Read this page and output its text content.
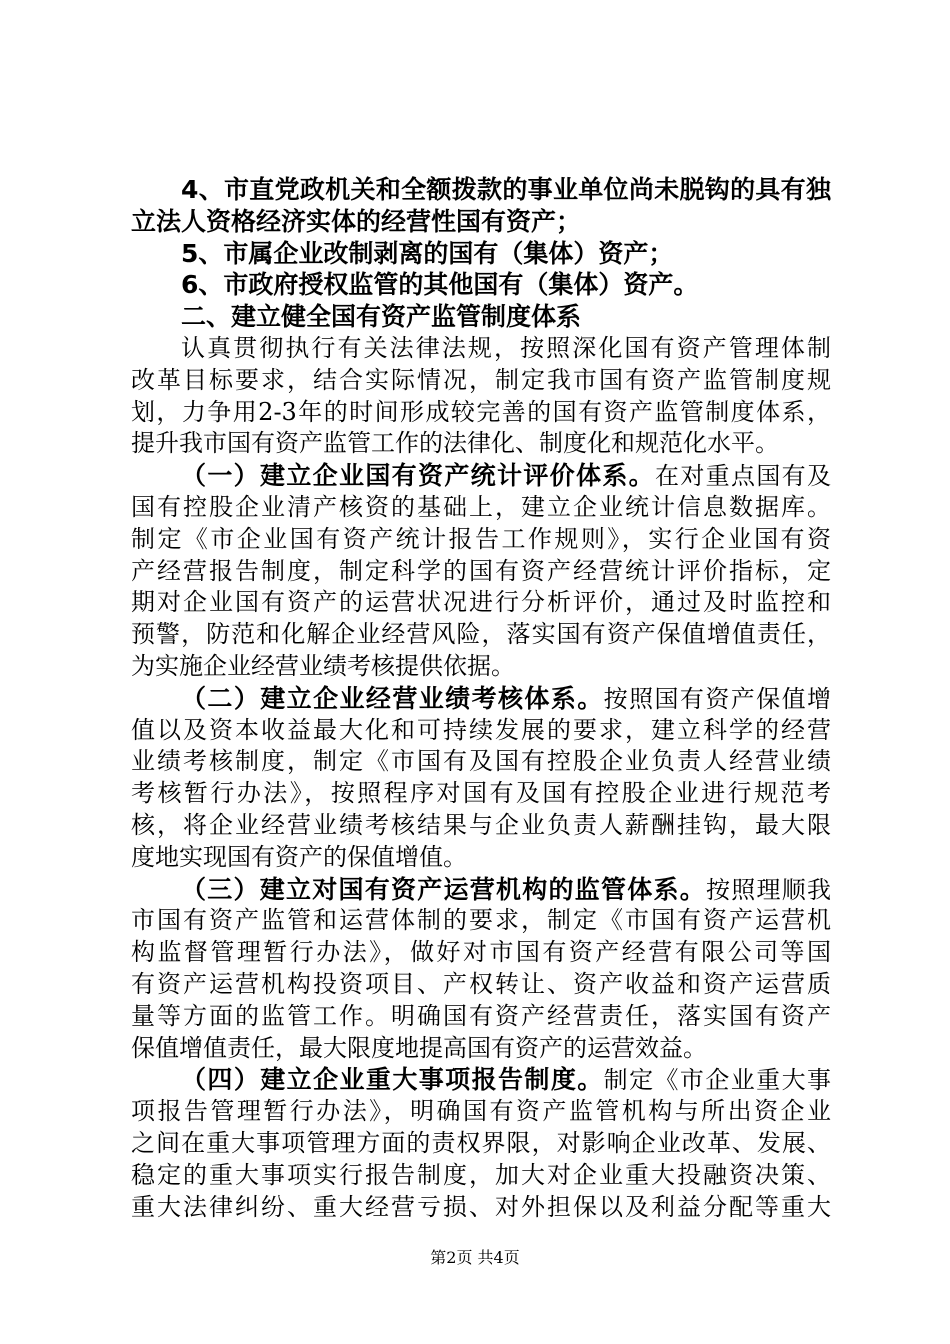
4、市直党政机关和全额拨款的事业单位尚未脱钩的具有独
立法人资格经济实体的经营性国有资产；
5、市属企业改制剥离的国有（集体）资产；
6、市政府授权监管的其他国有（集体）资产。
二、建立健全国有资产监管制度体系
认真贯彻执行有关法律法规，按照深化国有资产管理体制
改革目标要求，结合实际情况，制定我市国有资产监管制度规
划，力争用2-3年的时间形成较完善的国有资产监管制度体系，
提升我市国有资产监管工作的法律化、制度化和规范化水平。
（一）建立企业国有资产统计评价体系。在对重点国有及
国有控股企业清产核资的基础上，建立企业统计信息数据库。
制定《市企业国有资产统计报告工作规则》，实行企业国有资
产经营报告制度，制定科学的国有资产经营统计评价指标，定
期对企业国有资产的运营状况进行分析评价，通过及时监控和
预警，防范和化解企业经营风险，落实国有资产保值增值责任，
为实施企业经营业绩考核提供依据。
（二）建立企业经营业绩考核体系。按照国有资产保值增
值以及资本收益最大化和可持续发展的要求，建立科学的经营
业绩考核制度，制定《市国有及国有控股企业负责人经营业绩
考核暂行办法》，按照程序对国有及国有控股企业进行规范考
核，将企业经营业绩考核结果与企业负责人薪酬挂钩，最大限
度地实现国有资产的保值增值。
（三）建立对国有资产运营机构的监管体系。按照理顺我
市国有资产监管和运营体制的要求，制定《市国有资产运营机
构监督管理暂行办法》，做好对市国有资产经营有限公司等国
有资产运营机构投资项目、产权转让、资产收益和资产运营质
量等方面的监管工作。明确国有资产经营责任，落实国有资产
保值增值责任，最大限度地提高国有资产的运营效益。
（四）建立企业重大事项报告制度。制定《市企业重大事
项报告管理暂行办法》，明确国有资产监管机构与所出资企业
之间在重大事项管理方面的责权界限，对影响企业改革、发展、
稳定的重大事项实行报告制度，加大对企业重大投融资决策、
重大法律纠纷、重大经营亏损、对外担保以及利益分配等重大
第2页 共4页
